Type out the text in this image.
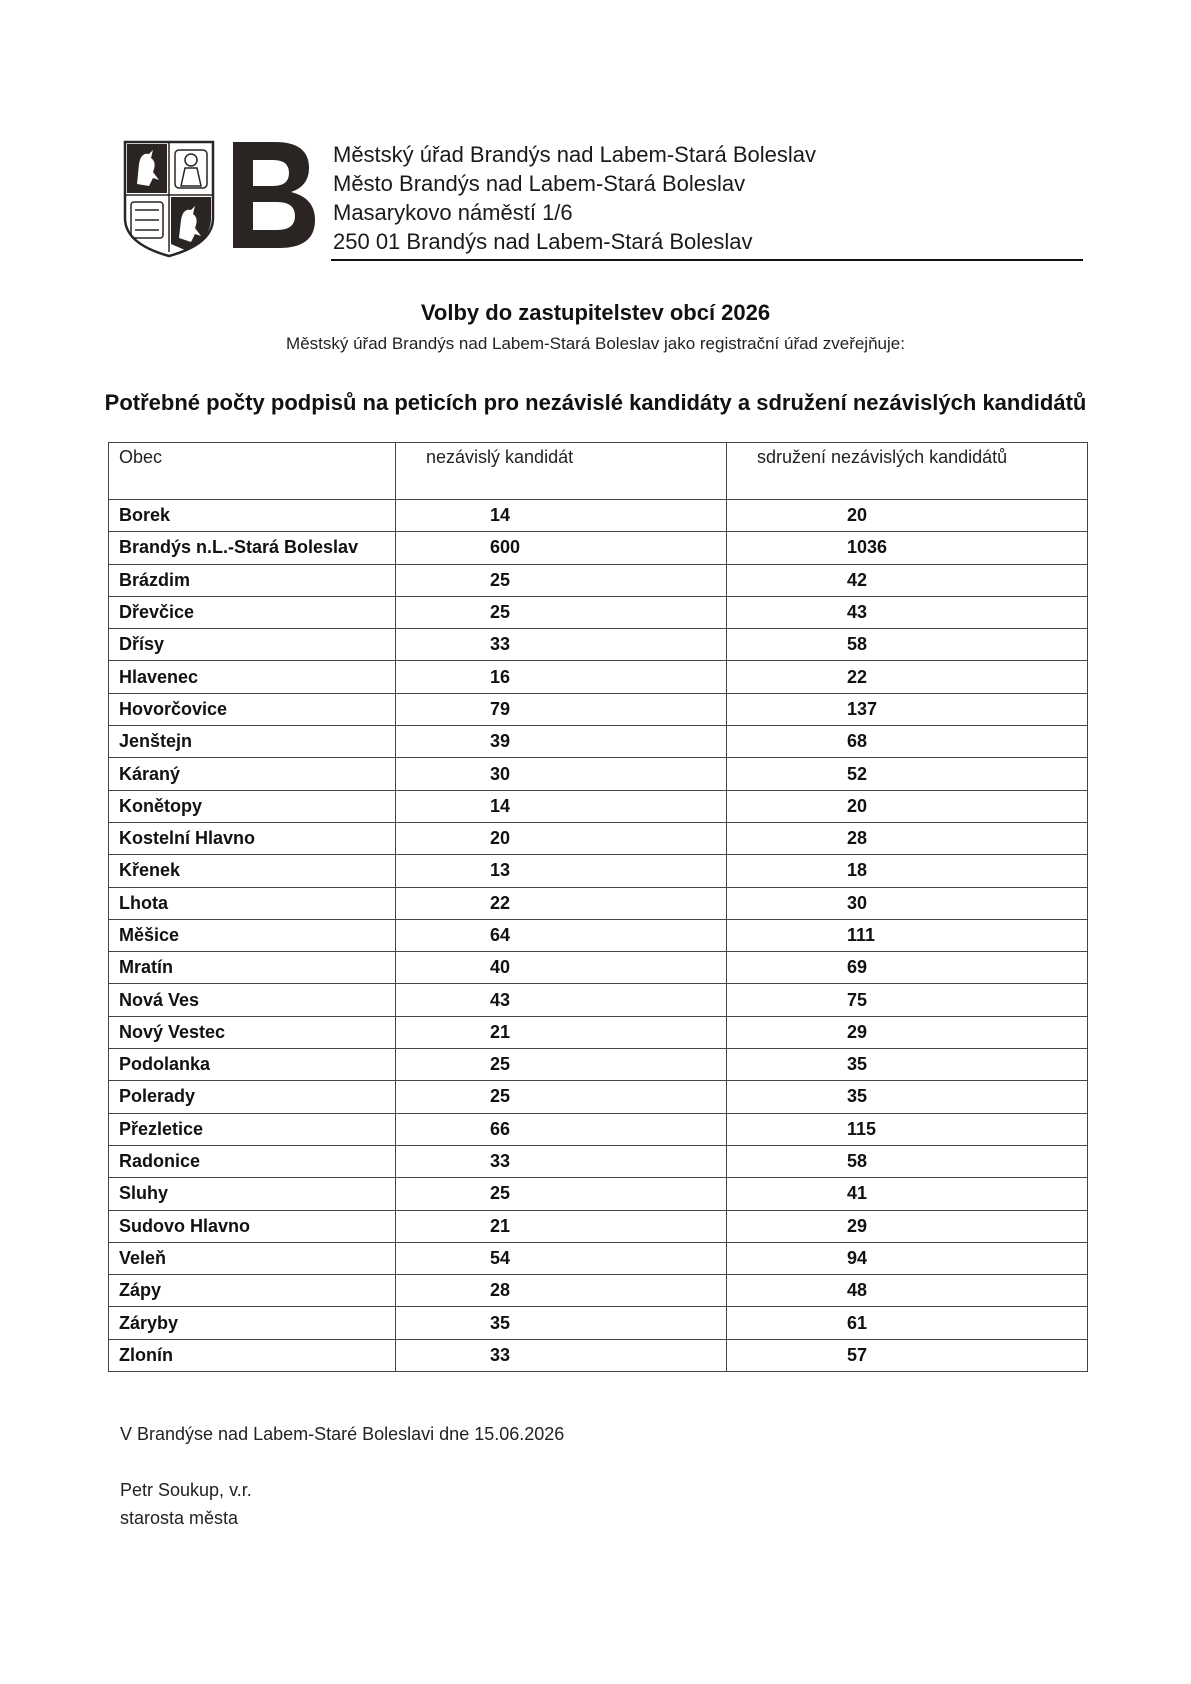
Městský úřad Brandýs nad Labem-Stará Boleslav
Město Brandýs nad Labem-Stará Boleslav
Masarykovo náměstí 1/6
250 01 Brandýs nad Labem-Stará Boleslav
Volby do zastupitelstev obcí 2026
Městský úřad Brandýs nad Labem-Stará Boleslav jako registrační úřad zveřejňuje:
Potřebné počty podpisů na peticích pro nezávislé kandidáty a sdružení nezávislých kandidátů
Obec	nezávislý kandidát	sdružení nezávislých kandidátů
Borek	14	20
Brandýs n.L.-Stará Boleslav	600	1036
Brázdim	25	42
Dřevčice	25	43
Dřísy	33	58
Hlavenec	16	22
Hovorčovice	79	137
Jenštejn	39	68
Káraný	30	52
Konětopy	14	20
Kostelní Hlavno	20	28
Křenek	13	18
Lhota	22	30
Měšice	64	111
Mratín	40	69
Nová Ves	43	75
Nový Vestec	21	29
Podolanka	25	35
Polerady	25	35
Přezletice	66	115
Radonice	33	58
Sluhy	25	41
Sudovo Hlavno	21	29
Veleň	54	94
Zápy	28	48
Záryby	35	61
Zlonín	33	57
V Brandýse nad Labem-Staré Boleslavi dne 15.06.2026
Petr Soukup, v.r.
starosta města
